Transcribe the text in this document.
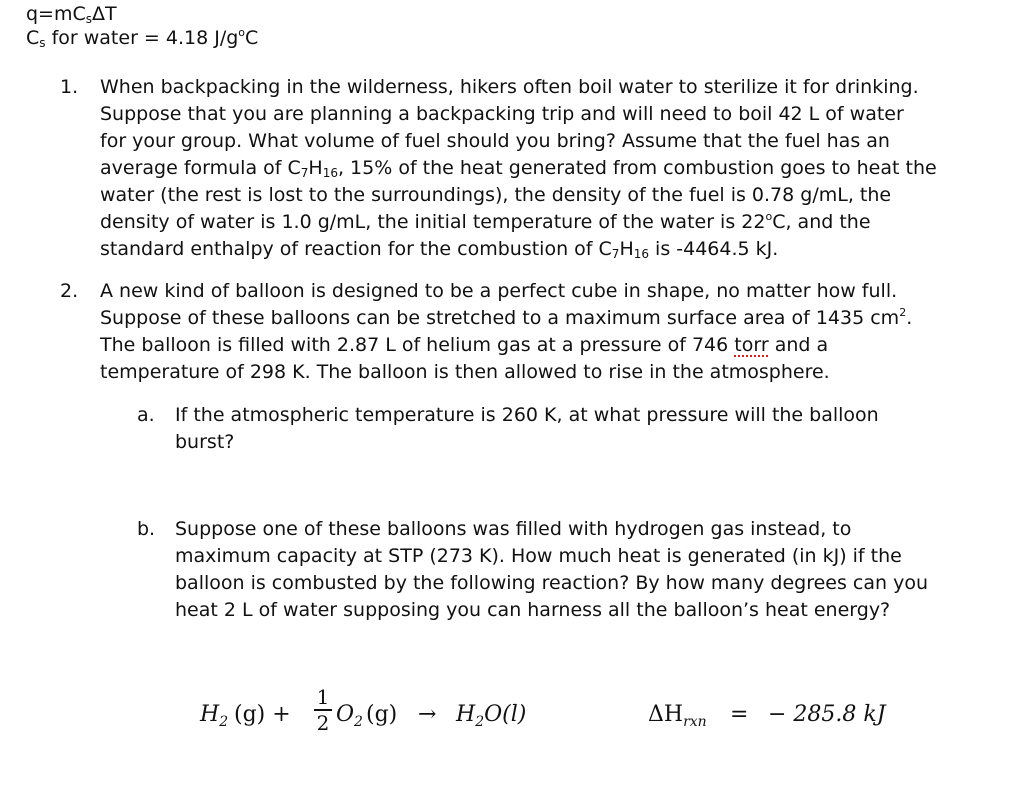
$q=mC_s\Delta T$
$C_s$ for water = 4.18 $J/g^oC$
1.	When backpacking in the wilderness, hikers often boil water to sterilize it for drinking.
Suppose that you are planning a backpacking trip and will need to boil 42 L of water
for your group. What volume of fuel should you bring? Assume that the fuel has an
average formula of $C_7H_{16}$, 15% of the heat generated from combustion goes to heat the
water (the rest is lost to the surroundings), the density of the fuel is 0.78 g/mL, the
density of water is 1.0 g/mL, the initial temperature of the water is 22$^o$C, and the
standard enthalpy of reaction for the combustion of $C_7H_{16}$ is -4464.5 kJ.
2.	A new kind of balloon is designed to be a perfect cube in shape, no matter how full.
Suppose of these balloons can be stretched to a maximum surface area of 1435 $cm^2$.
The balloon is filled with 2.87 L of helium gas at a pressure of 746 torr and a
temperature of 298 K. The balloon is then allowed to rise in the atmosphere.
a.	If the atmospheric temperature is 260 K, at what pressure will the balloon
burst?
b.	Suppose one of these balloons was filled with hydrogen gas instead, to
maximum capacity at STP (273 K). How much heat is generated (in kJ) if the
balloon is combusted by the following reaction? By how many degrees can you
heat 2 L of water supposing you can harness all the balloon’s heat energy?
$H_2$ (g) +
1
2 $O_2$ $(g) \to H_2O(l)$	$\Delta H_{rxn}$ = − 285.8 kJ
